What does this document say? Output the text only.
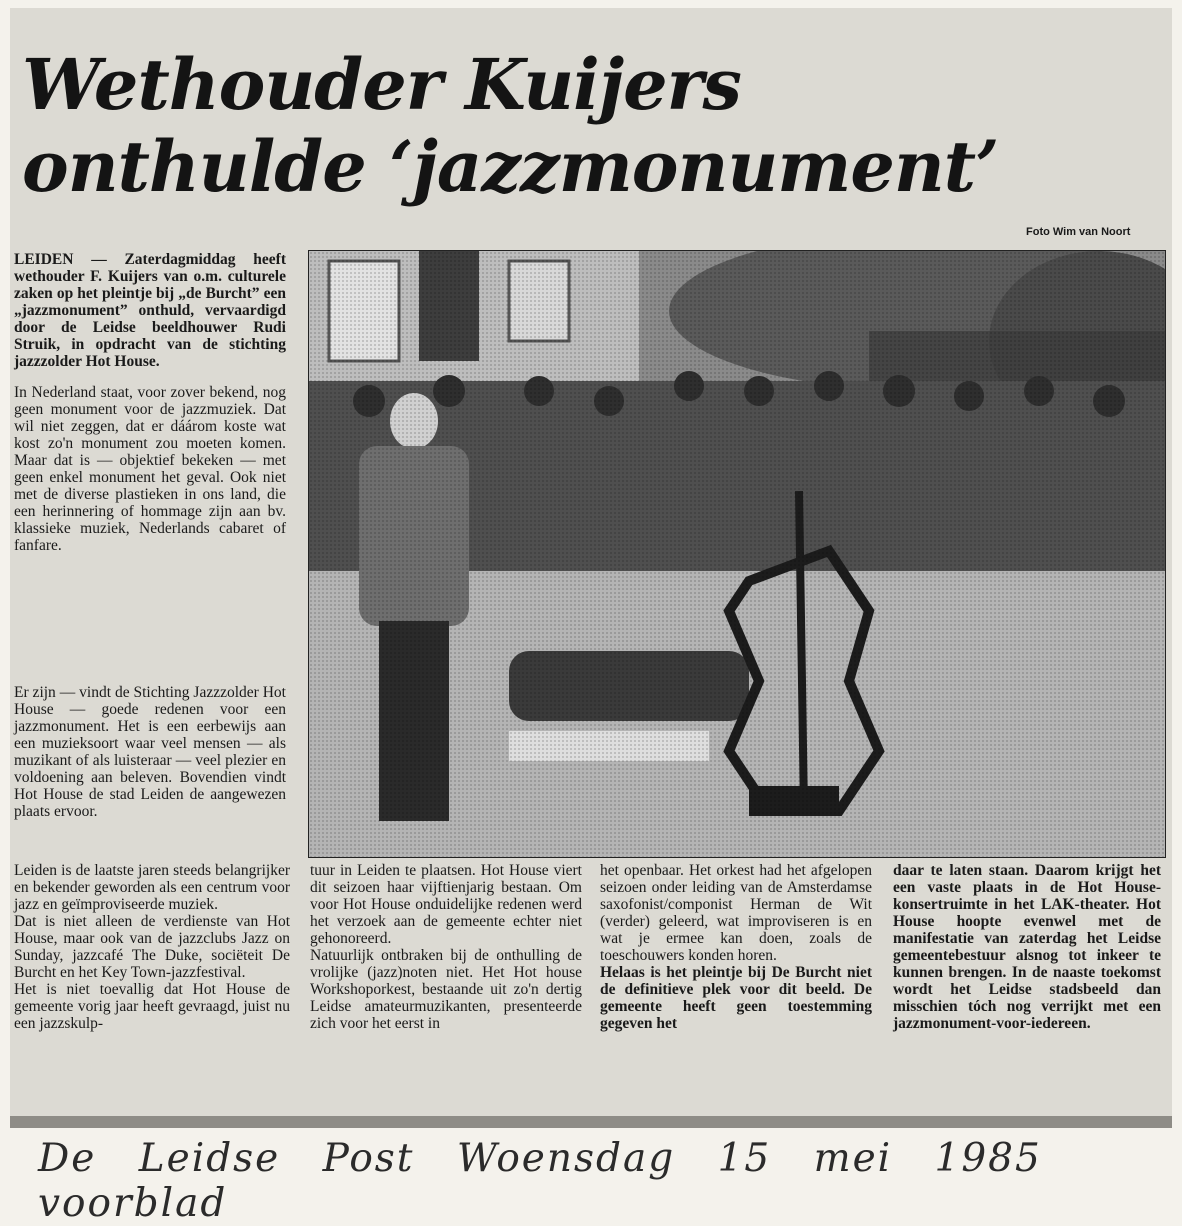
Wethouder Kuijers
onthulde ‘jazzmonument’
Foto Wim van Noort

LEIDEN — Zaterdagmiddag heeft wethouder F. Kuijers van o.m. culturele zaken op het pleintje bij „de Burcht” een „jazzmonument” onthuld, vervaardigd door de Leidse beeldhouwer Rudi Struik, in opdracht van de stichting jazzzolder Hot House.

In Nederland staat, voor zover bekend, nog geen monument voor de jazzmuziek. Dat wil niet zeggen, dat er dáárom koste wat kost zo'n monument zou moeten komen. Maar dat is — objektief bekeken — met geen enkel monument het geval. Ook niet met de diverse plastieken in ons land, die een herinnering of hommage zijn aan bv. klassieke muziek, Nederlands cabaret of fanfare.

Er zijn — vindt de Stichting Jazzzolder Hot House — goede redenen voor een jazzmonument. Het is een eerbewijs aan een muzieksoort waar veel mensen — als muzikant of als luisteraar — veel plezier en voldoening aan beleven. Bovendien vindt Hot House de stad Leiden de aangewezen plaats ervoor.

Leiden is de laatste jaren steeds belangrijker en bekender geworden als een centrum voor jazz en geïmproviseerde muziek.

Dat is niet alleen de verdienste van Hot House, maar ook van de jazzclubs Jazz on Sunday, jazzcafé The Duke, sociëteit De Burcht en het Key Town-jazzfestival.

Het is niet toevallig dat Hot House de gemeente vorig jaar heeft gevraagd, juist nu een jazzskulp-

tuur in Leiden te plaatsen. Hot House viert dit seizoen haar vijftienjarig bestaan. Om voor Hot House onduidelijke redenen werd het verzoek aan de gemeente echter niet gehonoreerd.

Natuurlijk ontbraken bij de onthulling de vrolijke (jazz)noten niet. Het Hot house Workshoporkest, bestaande uit zo'n dertig Leidse amateurmuzikanten, presenteerde zich voor het eerst in

het openbaar. Het orkest had het afgelopen seizoen onder leiding van de Amsterdamse saxofonist/componist Herman de Wit (verder) geleerd, wat improviseren is en wat je ermee kan doen, zoals de toeschouwers konden horen.

Helaas is het pleintje bij De Burcht niet de definitieve plek voor dit beeld. De gemeente heeft geen toestemming gegeven het

daar te laten staan. Daarom krijgt het een vaste plaats in de Hot House-konsertruimte in het LAK-theater. Hot House hoopte evenwel met de manifestatie van zaterdag het Leidse gemeentebestuur alsnog tot inkeer te kunnen brengen. In de naaste toekomst wordt het Leidse stadsbeeld dan misschien tóch nog verrijkt met een jazzmonument-voor-iedereen.

De Leidse Post Woensdag 15 mei 1985 voorblad
